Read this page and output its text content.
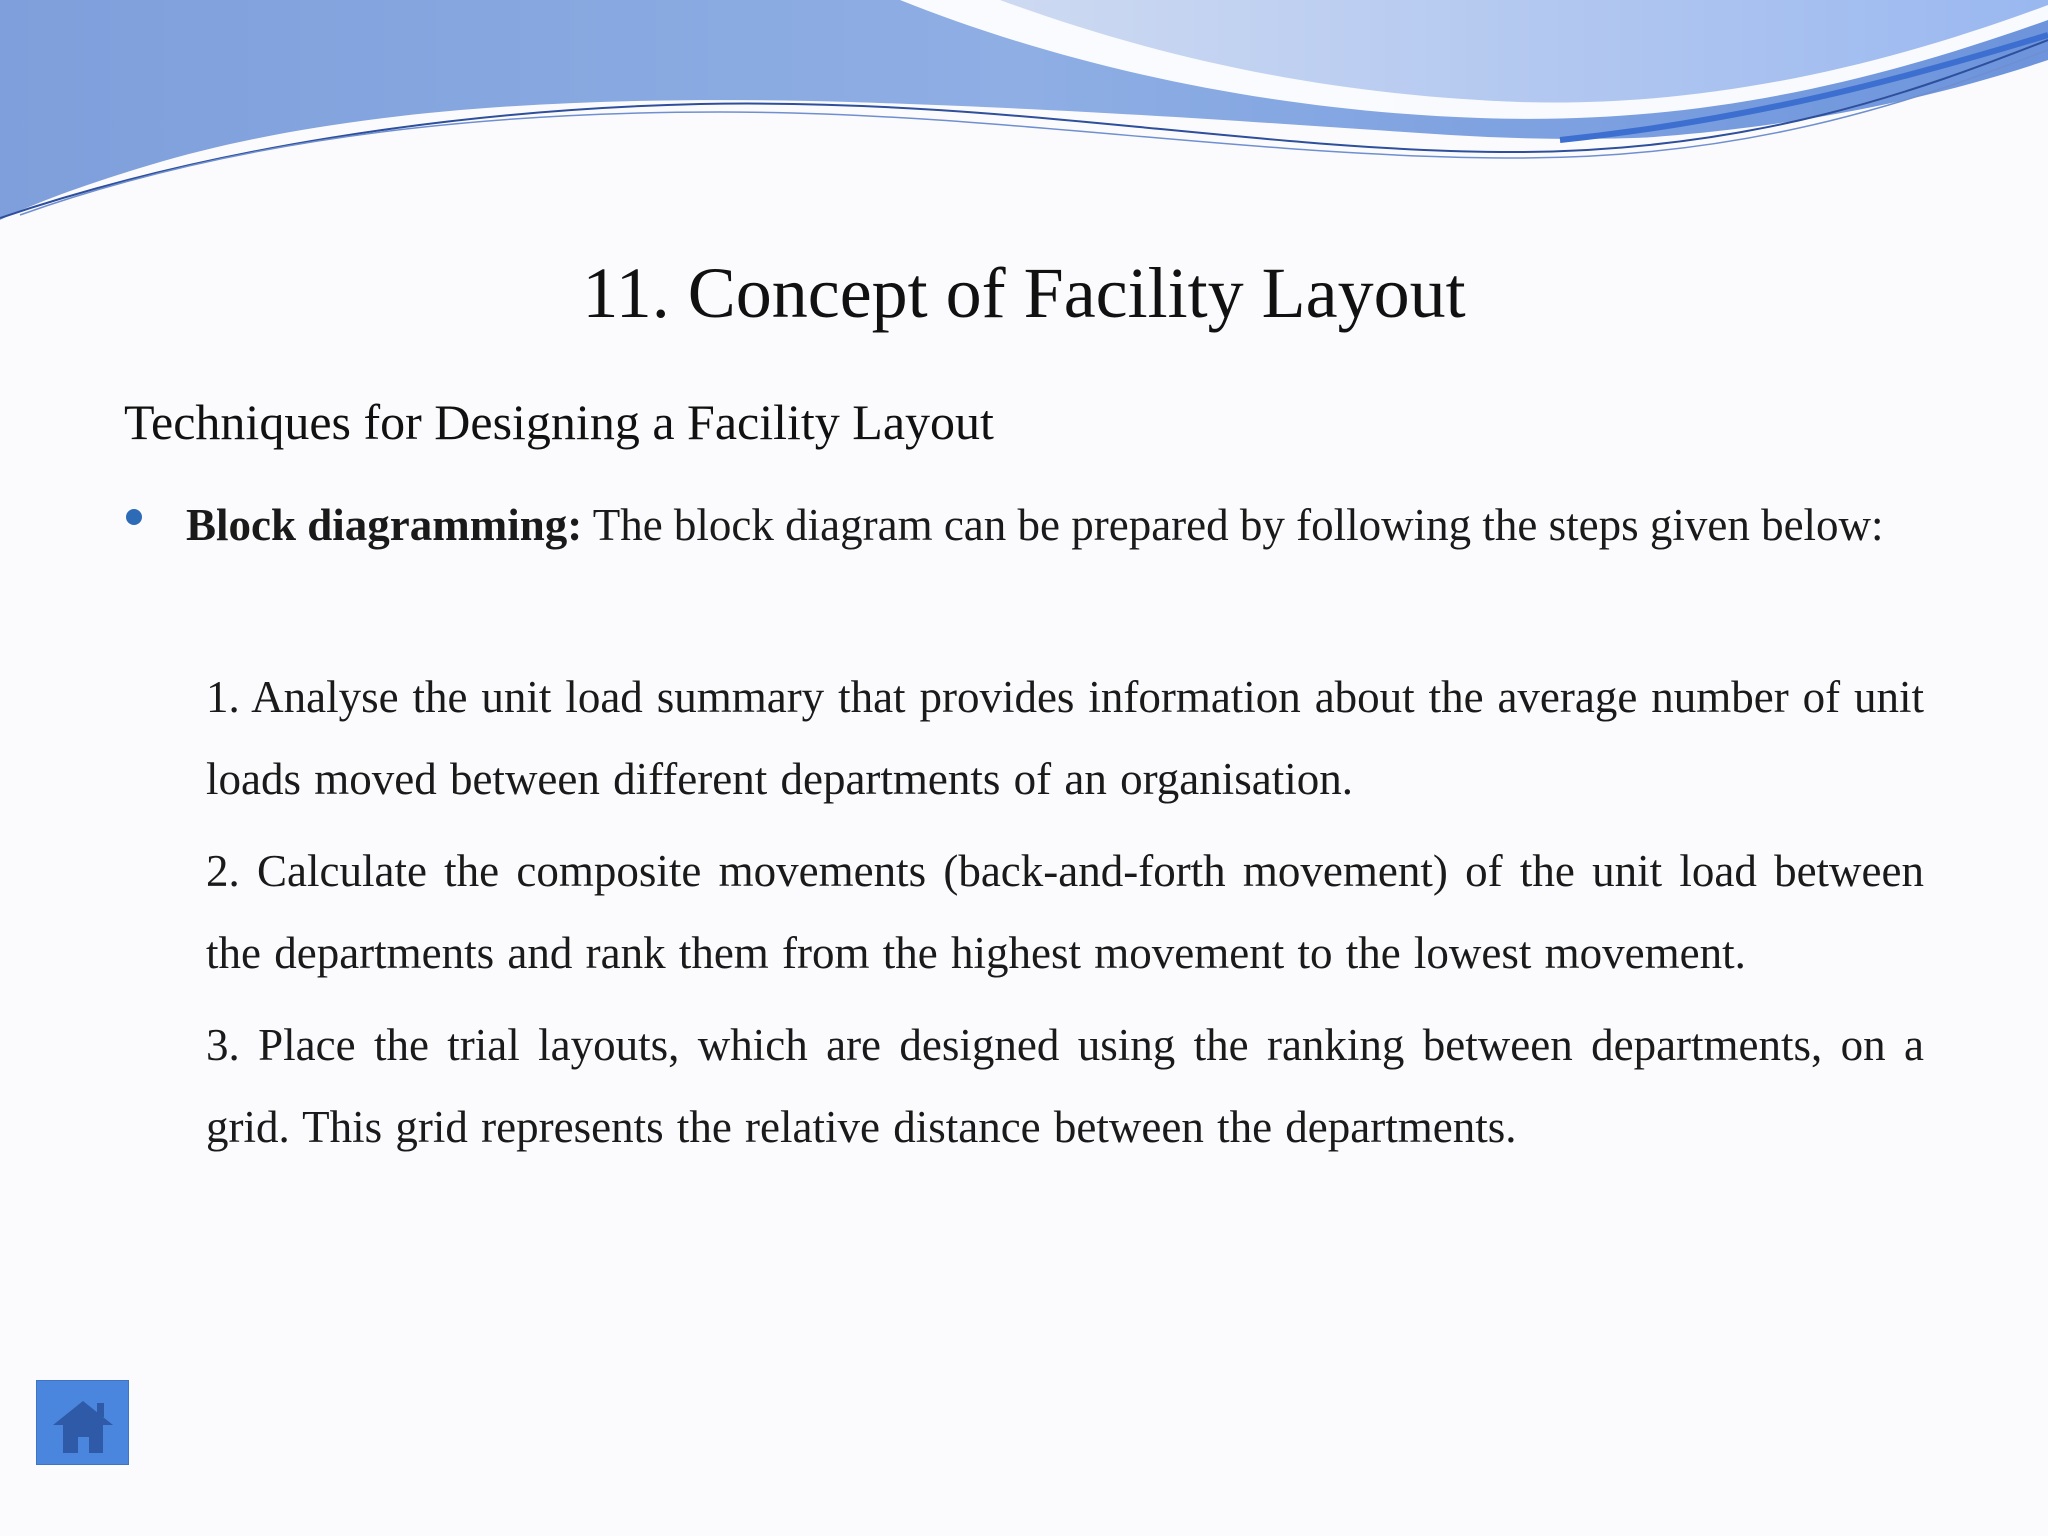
11. Concept of Facility Layout

Techniques for Designing a Facility Layout

Block diagramming: The block diagram can be prepared by following the steps given below:

1. Analyse the unit load summary that provides information about the average number of unit loads moved between different departments of an organisation.
2. Calculate the composite movements (back-and-forth movement) of the unit load between the departments and rank them from the highest movement to the lowest movement.
3. Place the trial layouts, which are designed using the ranking between departments, on a grid. This grid represents the relative distance between the departments.
